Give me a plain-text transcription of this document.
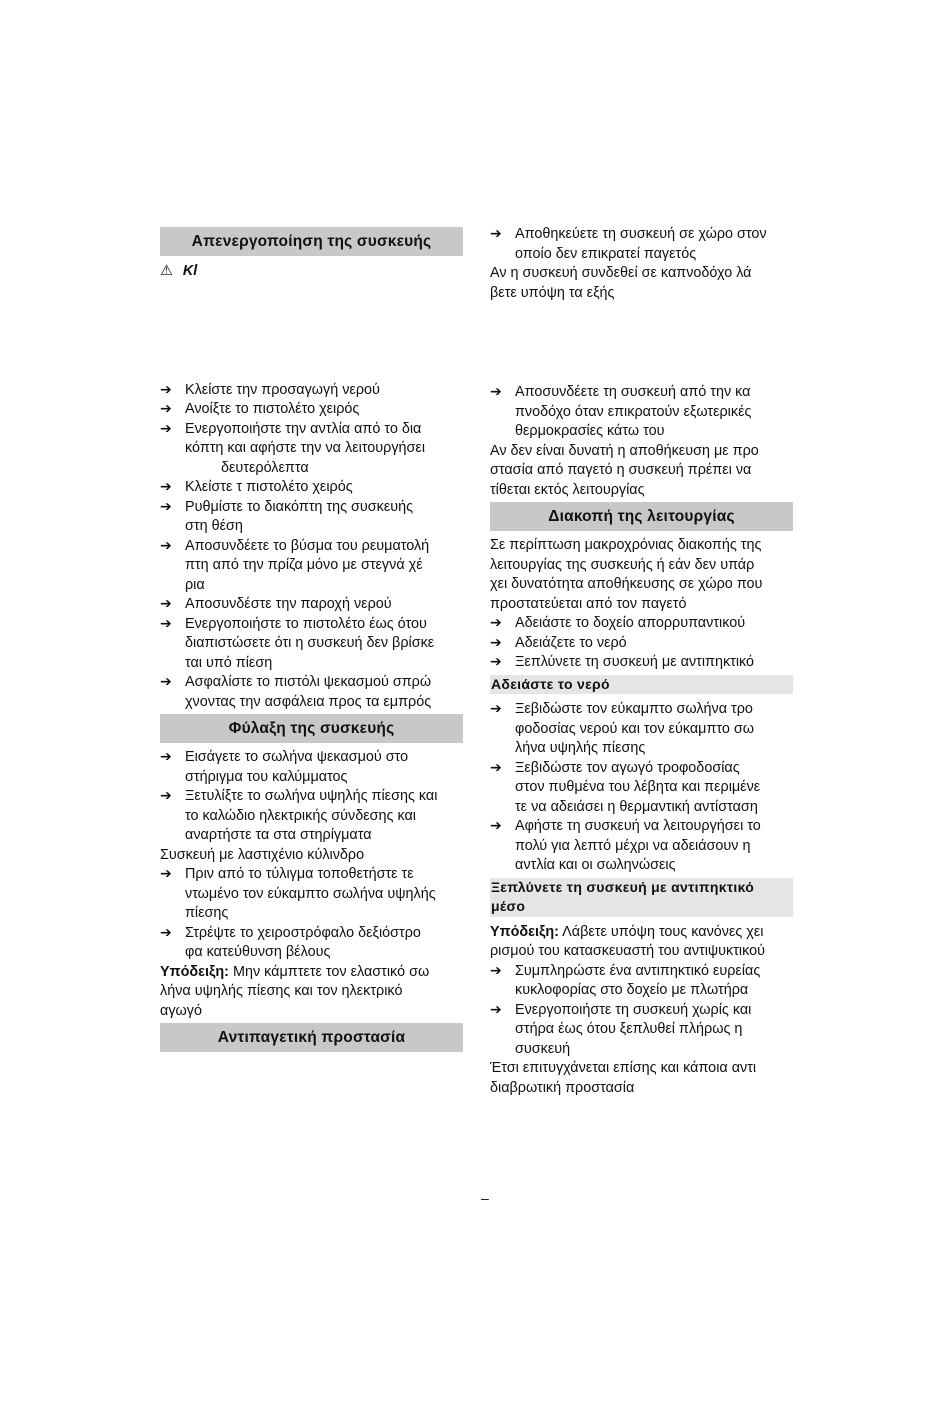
Απενεργοποίηση της συσκευής
⚠ Kl
➔ Κλείστε την προσαγωγή νερού
➔ Ανοίξτε το πιστολέτο χειρός
➔ Ενεργοποιήστε την αντλία από το δια
κόπτη και αφήστε την να λειτουργήσει
δευτερόλεπτα
➔ Κλείστε τ πιστολέτο χειρός
➔ Ρυθμίστε το διακόπτη της συσκευής
στη θέση
➔ Αποσυνδέετε το βύσμα του ρευματολή
πτη από την πρίζα μόνο με στεγνά χέ
ρια
➔ Αποσυνδέστε την παροχή νερού
➔ Ενεργοποιήστε το πιστολέτο έως ότου
διαπιστώσετε ότι η συσκευή δεν βρίσκε
ται υπό πίεση
➔ Ασφαλίστε το πιστόλι ψεκασμού σπρώ
χνοντας την ασφάλεια προς τα εμπρός
Φύλαξη της συσκευής
➔ Εισάγετε το σωλήνα ψεκασμού στο
στήριγμα του καλύμματος
➔ Ξετυλίξτε το σωλήνα υψηλής πίεσης και
το καλώδιο ηλεκτρικής σύνδεσης και
αναρτήστε τα στα στηρίγματα
Συσκευή με λαστιχένιο κύλινδρο
➔ Πριν από το τύλιγμα τοποθετήστε τε
ντωμένο τον εύκαμπτο σωλήνα υψηλής
πίεσης
➔ Στρέψτε το χειροστρόφαλο δεξιόστρο
φα κατεύθυνση βέλους
Υπόδειξη: Μην κάμπτετε τον ελαστικό σω
λήνα υψηλής πίεσης και τον ηλεκτρικό
αγωγό
Αντιπαγετική προστασία
➔ Αποθηκεύετε τη συσκευή σε χώρο στον
οποίο δεν επικρατεί παγετός
Αν η συσκευή συνδεθεί σε καπνοδόχο λά
βετε υπόψη τα εξής
➔ Αποσυνδέετε τη συσκευή από την κα
πνοδόχο όταν επικρατούν εξωτερικές
θερμοκρασίες κάτω του
Αν δεν είναι δυνατή η αποθήκευση με προ
στασία από παγετό η συσκευή πρέπει να
τίθεται εκτός λειτουργίας
Διακοπή της λειτουργίας
Σε περίπτωση μακροχρόνιας διακοπής της
λειτουργίας της συσκευής ή εάν δεν υπάρ
χει δυνατότητα αποθήκευσης σε χώρο που
προστατεύεται από τον παγετό
➔ Αδειάστε το δοχείο απορρυπαντικού
➔ Αδειάζετε το νερό
➔ Ξεπλύνετε τη συσκευή με αντιπηκτικό
Αδειάστε το νερό
➔ Ξεβιδώστε τον εύκαμπτο σωλήνα τρο
φοδοσίας νερού και τον εύκαμπτο σω
λήνα υψηλής πίεσης
➔ Ξεβιδώστε τον αγωγό τροφοδοσίας
στον πυθμένα του λέβητα και περιμένε
τε να αδειάσει η θερμαντική αντίσταση
➔ Αφήστε τη συσκευή να λειτουργήσει το
πολύ για λεπτό μέχρι να αδειάσουν η
αντλία και οι σωληνώσεις
Ξεπλύνετε τη συσκευή με αντιπηκτικό
μέσο
Υπόδειξη: Λάβετε υπόψη τους κανόνες χει
ρισμού του κατασκευαστή του αντιψυκτικού
➔ Συμπληρώστε ένα αντιπηκτικό ευρείας
κυκλοφορίας στο δοχείο με πλωτήρα
➔ Ενεργοποιήστε τη συσκευή χωρίς και
στήρα έως ότου ξεπλυθεί πλήρως η
συσκευή
Έτσι επιτυγχάνεται επίσης και κάποια αντι
διαβρωτική προστασία
–
